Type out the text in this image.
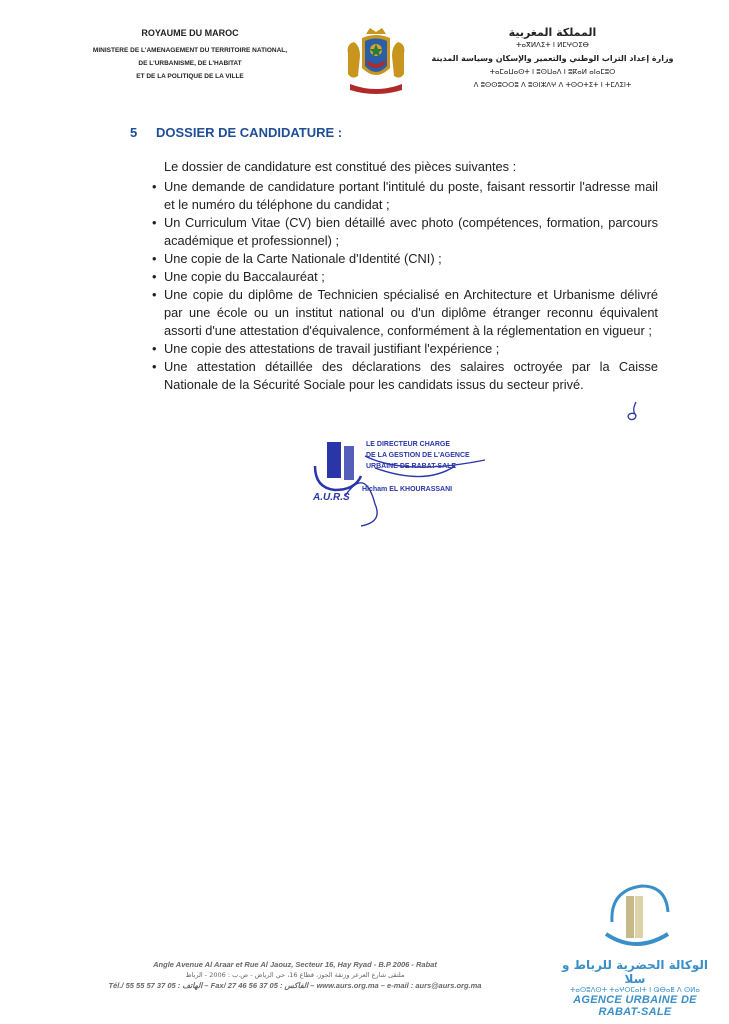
ROYAUME DU MAROC
MINISTERE DE L'AMENAGEMENT DU TERRITOIRE NATIONAL,
DE L'URBANISME, DE L'HABITAT
ET DE LA POLITIQUE DE LA VILLE
المملكة المغربية
ⵜⴰⴳⵍⴷⵉⵜ ⵏ ⵍⵎⵖⵔⵉⴱ
وزارة إعداد التراب الوطني والتعمير والإسكان وسياسة المدينة
ⵜⴰⵎⴰⵡⴰⵙⵜ ⵏ ⵓⵙⵡⴰⴷ ⵏ ⵓⴽⴰⵍ ⴰⵏⴰⵎⵓⵔ
ⴷ ⵓⵙⵙⵓⵔⵔⵓ ⴷ ⵓⵙⵏⵣⴷⵖ ⴷ ⵜⵙⵔⵜⵉⵜ ⵏ ⵜⵎⴷⵉⵏⵜ
5 DOSSIER DE CANDIDATURE :

Le dossier de candidature est constitué des pièces suivantes :

• Une demande de candidature portant l'intitulé du poste, faisant ressortir l'adresse mail et le numéro du téléphone du candidat ;
• Un Curriculum Vitae (CV) bien détaillé avec photo (compétences, formation, parcours académique et professionnel) ;
• Une copie de la Carte Nationale d'Identité (CNI) ;
• Une copie du Baccalauréat ;
• Une copie du diplôme de Technicien spécialisé en Architecture et Urbanisme délivré par une école ou un institut national ou d'un diplôme étranger reconnu équivalent assorti d'une attestation d'équivalence, conformément à la réglementation en vigueur ;
• Une copie des attestations de travail justifiant l'expérience ;
• Une attestation détaillée des déclarations des salaires octroyée par la Caisse Nationale de la Sécurité Sociale pour les candidats issus du secteur privé.
A.U.R.S
LE DIRECTEUR CHARGE
DE LA GESTION DE L'AGENCE
URBAINE DE RABAT-SALE
Hicham EL KHOURASSANI
Angle Avenue Al Araar et Rue Al Jaouz, Secteur 16, Hay Ryad - B.P 2006 - Rabat
ملتقى شارع العرعر وزنقة الجوز، قطاع 16، حي الرياض - ص.ب : 2006 - الرباط
Tél./ الهاتف : 05 37 57 55 55 – Fax/ الفاكس : 05 37 56 46 27 – www.aurs.org.ma – e-mail : aurs@aurs.org.ma
الوكالة الحضرية للرباط و سلا
ⵜⴰⵙⵓⴷⵙⵜ ⵜⴰⵖⵔⵎⴰⵏⵜ ⵏ ⵕⴱⴰⵟ ⴷ ⵙⵍⴰ
AGENCE URBAINE DE RABAT-SALE
